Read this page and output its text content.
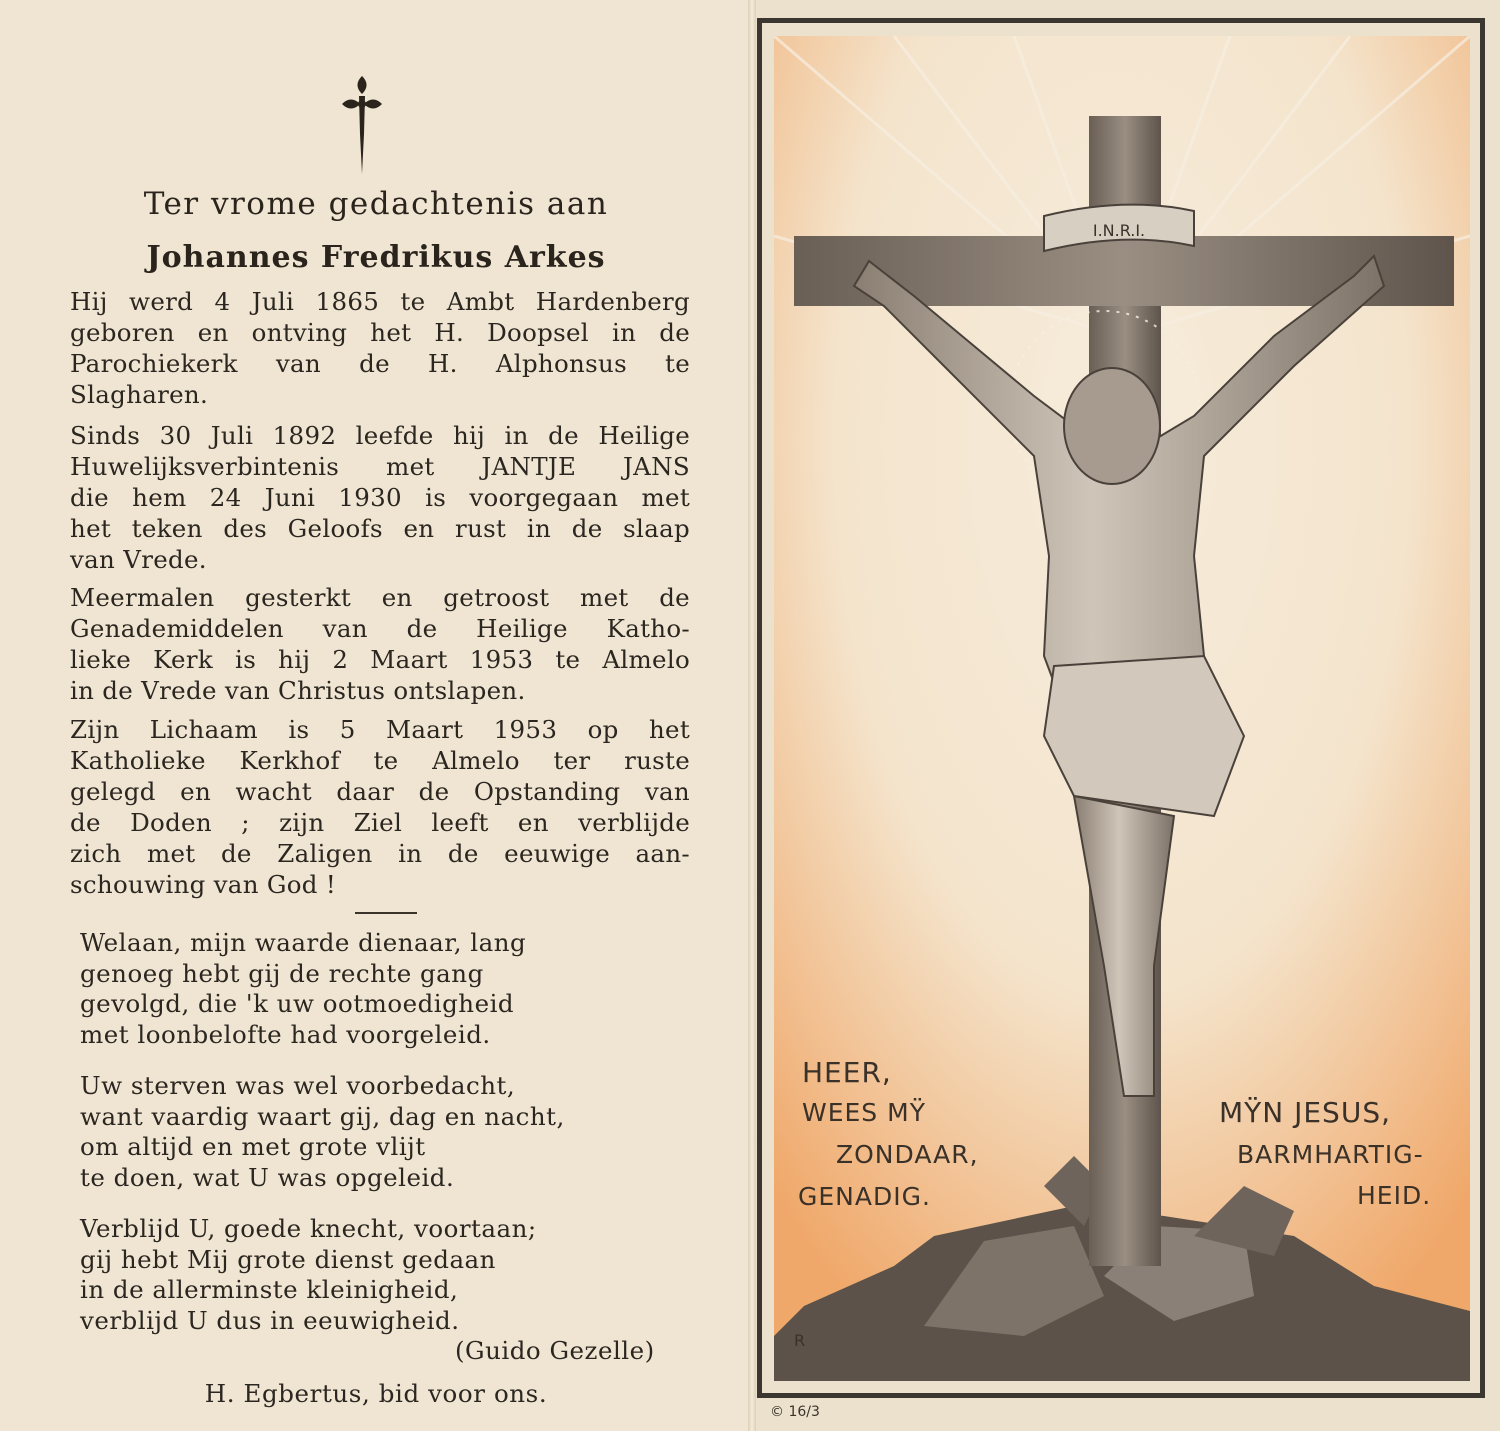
Ter vrome gedachtenis aan
Johannes Fredrikus Arkes

Hij werd 4 Juli 1865 te Ambt Hardenberg
geboren en ontving het H. Doopsel in de
Parochiekerk van de H. Alphonsus te
Slagharen.

Sinds 30 Juli 1892 leefde hij in de Heilige
Huwelijksverbintenis met JANTJE JANS
die hem 24 Juni 1930 is voorgegaan met
het teken des Geloofs en rust in de slaap
van Vrede.

Meermalen gesterkt en getroost met de
Genademiddelen van de Heilige Katho-
lieke Kerk is hij 2 Maart 1953 te Almelo
in de Vrede van Christus ontslapen.

Zijn Lichaam is 5 Maart 1953 op het
Katholieke Kerkhof te Almelo ter ruste
gelegd en wacht daar de Opstanding van
de Doden ; zijn Ziel leeft en verblijde
zich met de Zaligen in de eeuwige aan-
schouwing van God !

Welaan, mijn waarde dienaar, lang
genoeg hebt gij de rechte gang
gevolgd, die 'k uw ootmoedigheid
met loonbelofte had voorgeleid.
Uw sterven was wel voorbedacht,
want vaardig waart gij, dag en nacht,
om altijd en met grote vlijt
te doen, wat U was opgeleid.
Verblijd U, goede knecht, voortaan;
gij hebt Mij grote dienst gedaan
in de allerminste kleinigheid,
verblijd U dus in eeuwigheid.
(Guido Gezelle)
H. Egbertus, bid voor ons.
I.N.R.I.
R
HEER,
WEES MŸ
ZONDAAR,
GENADIG.
MŸN JESUS,
BARMHARTIG-
HEID.
© 16/3
